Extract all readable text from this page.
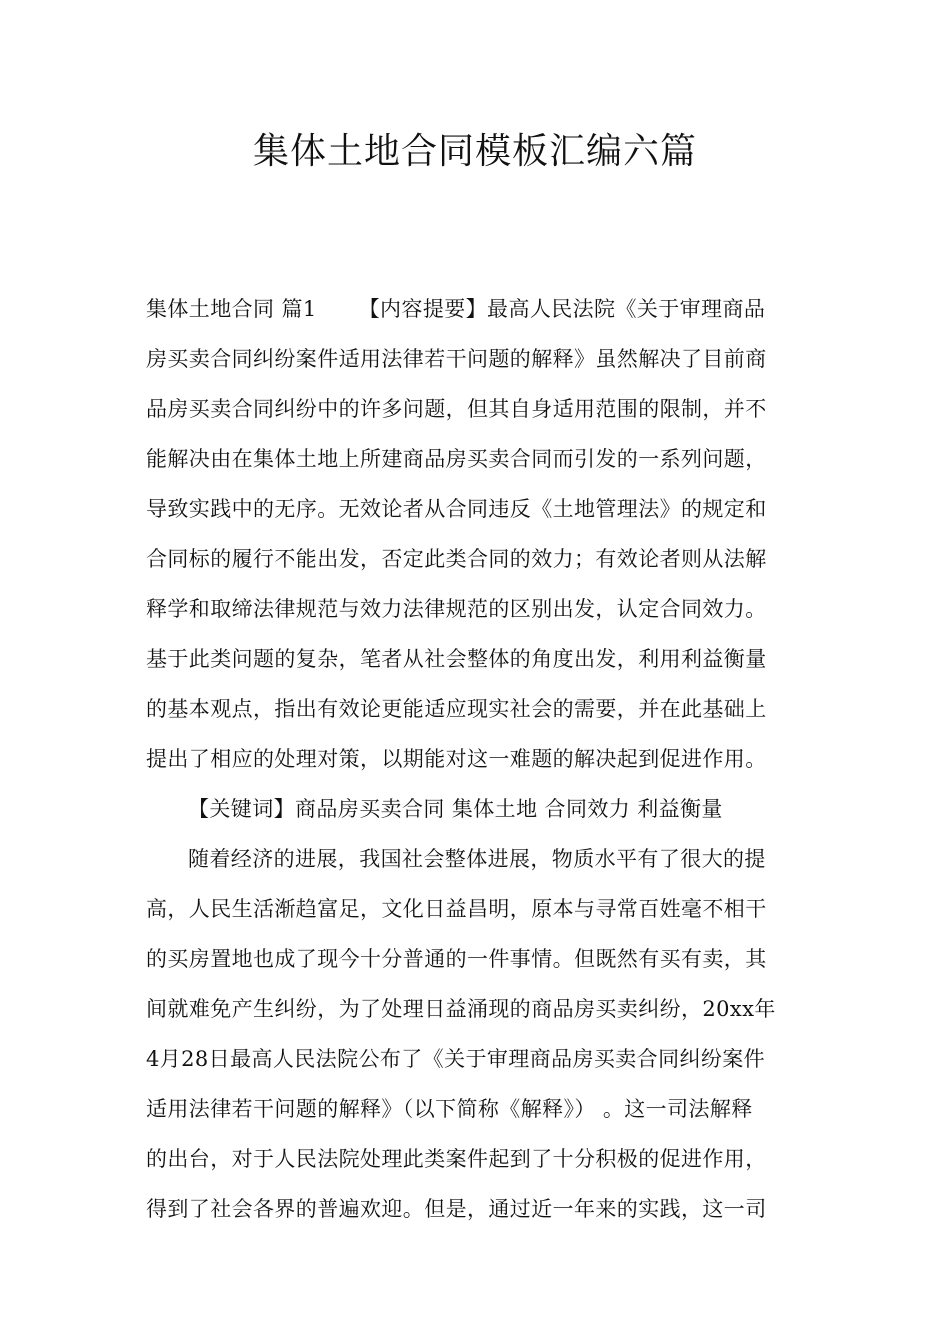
集体土地合同模板汇编六篇
集体土地合同 篇1 【内容提要】最高人民法院《关于审理商品
房买卖合同纠纷案件适用法律若干问题的解释》虽然解决了目前商
品房买卖合同纠纷中的许多问题，但其自身适用范围的限制，并不
能解决由在集体土地上所建商品房买卖合同而引发的一系列问题，
导致实践中的无序。无效论者从合同违反《土地管理法》的规定和
合同标的履行不能出发，否定此类合同的效力；有效论者则从法解
释学和取缔法律规范与效力法律规范的区别出发，认定合同效力。
基于此类问题的复杂，笔者从社会整体的角度出发，利用利益衡量
的基本观点，指出有效论更能适应现实社会的需要，并在此基础上
提出了相应的处理对策，以期能对这一难题的解决起到促进作用。
【关键词】商品房买卖合同 集体土地 合同效力 利益衡量
随着经济的进展，我国社会整体进展，物质水平有了很大的提
高，人民生活渐趋富足，文化日益昌明，原本与寻常百姓毫不相干
的买房置地也成了现今十分普通的一件事情。但既然有买有卖，其
间就难免产生纠纷，为了处理日益涌现的商品房买卖纠纷，20xx年
4月28日最高人民法院公布了《关于审理商品房买卖合同纠纷案件
适用法律若干问题的解释》（以下简称《解释》） 。这一司法解释
的出台，对于人民法院处理此类案件起到了十分积极的促进作用，
得到了社会各界的普遍欢迎。但是，通过近一年来的实践，这一司
